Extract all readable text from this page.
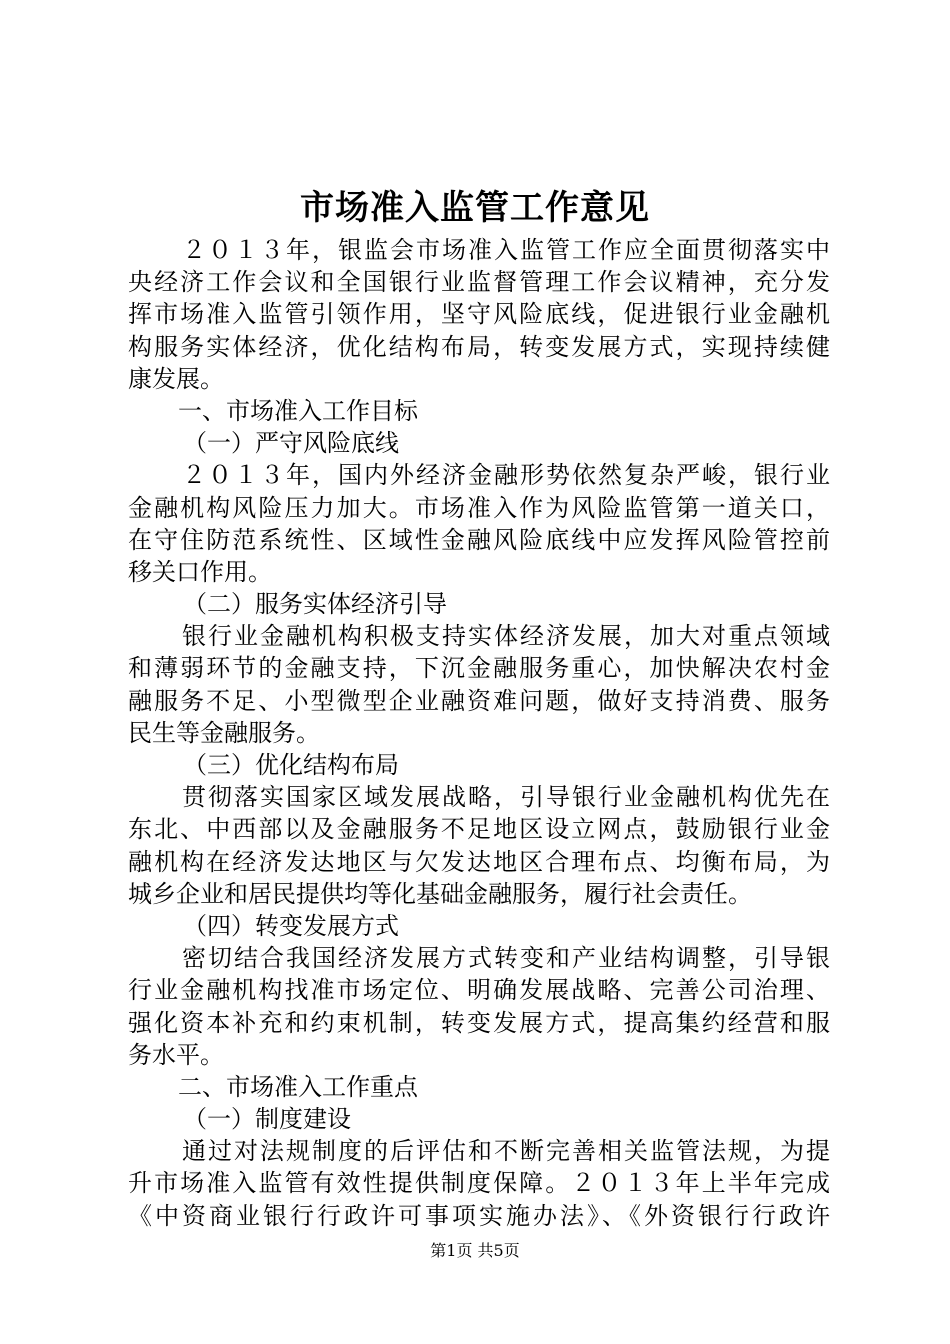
市场准入监管工作意见
２０１３年，银监会市场准入监管工作应全面贯彻落实中
央经济工作会议和全国银行业监督管理工作会议精神，充分发
挥市场准入监管引领作用，坚守风险底线，促进银行业金融机
构服务实体经济，优化结构布局，转变发展方式，实现持续健
康发展。
一、市场准入工作目标
（一）严守风险底线
２０１３年，国内外经济金融形势依然复杂严峻，银行业
金融机构风险压力加大。市场准入作为风险监管第一道关口，
在守住防范系统性、区域性金融风险底线中应发挥风险管控前
移关口作用。
（二）服务实体经济引导
银行业金融机构积极支持实体经济发展，加大对重点领域
和薄弱环节的金融支持，下沉金融服务重心，加快解决农村金
融服务不足、小型微型企业融资难问题，做好支持消费、服务
民生等金融服务。
（三）优化结构布局
贯彻落实国家区域发展战略，引导银行业金融机构优先在
东北、中西部以及金融服务不足地区设立网点，鼓励银行业金
融机构在经济发达地区与欠发达地区合理布点、均衡布局，为
城乡企业和居民提供均等化基础金融服务，履行社会责任。
（四）转变发展方式
密切结合我国经济发展方式转变和产业结构调整，引导银
行业金融机构找准市场定位、明确发展战略、完善公司治理、
强化资本补充和约束机制，转变发展方式，提高集约经营和服
务水平。
二、市场准入工作重点
（一）制度建设
通过对法规制度的后评估和不断完善相关监管法规，为提
升市场准入监管有效性提供制度保障。２０１３年上半年完成
《中资商业银行行政许可事项实施办法》、《外资银行行政许
第1页 共5页
